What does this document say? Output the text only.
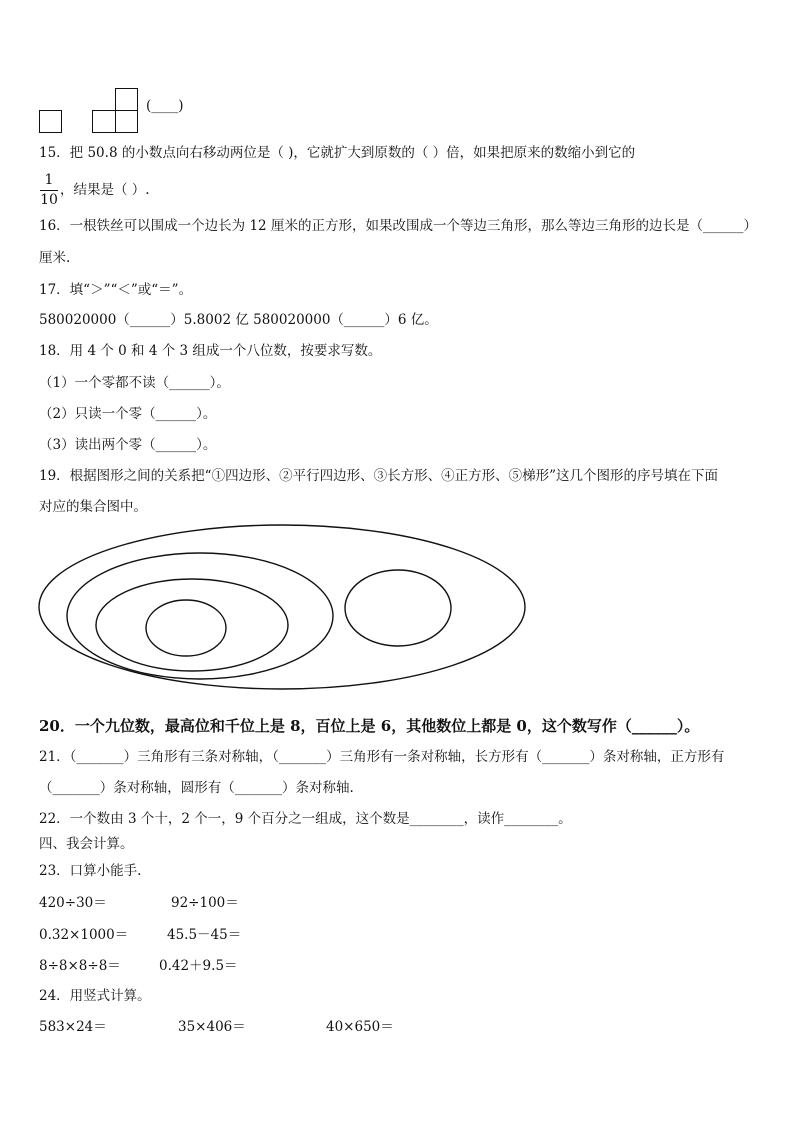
(____)
15．把 50.8 的小数点向右移动两位是（ )，它就扩大到原数的（ ）倍，如果把原来的数缩小到它的
1
10
，结果是（ ）.
16．一根铁丝可以围成一个边长为 12 厘米的正方形，如果改围成一个等边三角形，那么等边三角形的边长是（______）
厘米.
17．填“＞”“＜”或“＝”。
580020000（______）5.8002 亿 580020000（______）6 亿。
18．用 4 个 0 和 4 个 3 组成一个八位数，按要求写数。
（1）一个零都不读（______）。
（2）只读一个零（______）。
（3）读出两个零（______）。
19．根据图形之间的关系把“①四边形、②平行四边形、③长方形、④正方形、⑤梯形”这几个图形的序号填在下面
对应的集合图中。
20．一个九位数，最高位和千位上是 8，百位上是 6，其他数位上都是 0，这个数写作（______）。
21．（_______）三角形有三条对称轴，（_______）三角形有一条对称轴，长方形有（_______）条对称轴，正方形有
（_______）条对称轴，圆形有（_______）条对称轴.
22．一个数由 3 个十，2 个一，9 个百分之一组成，这个数是________，读作________。
四、我会计算。
23．口算小能手.
420÷30＝	92÷100＝
0.32×1000＝	45.5－45＝
8÷8×8÷8＝	0.42＋9.5＝
24．用竖式计算。
583×24＝	35×406＝	40×650＝
